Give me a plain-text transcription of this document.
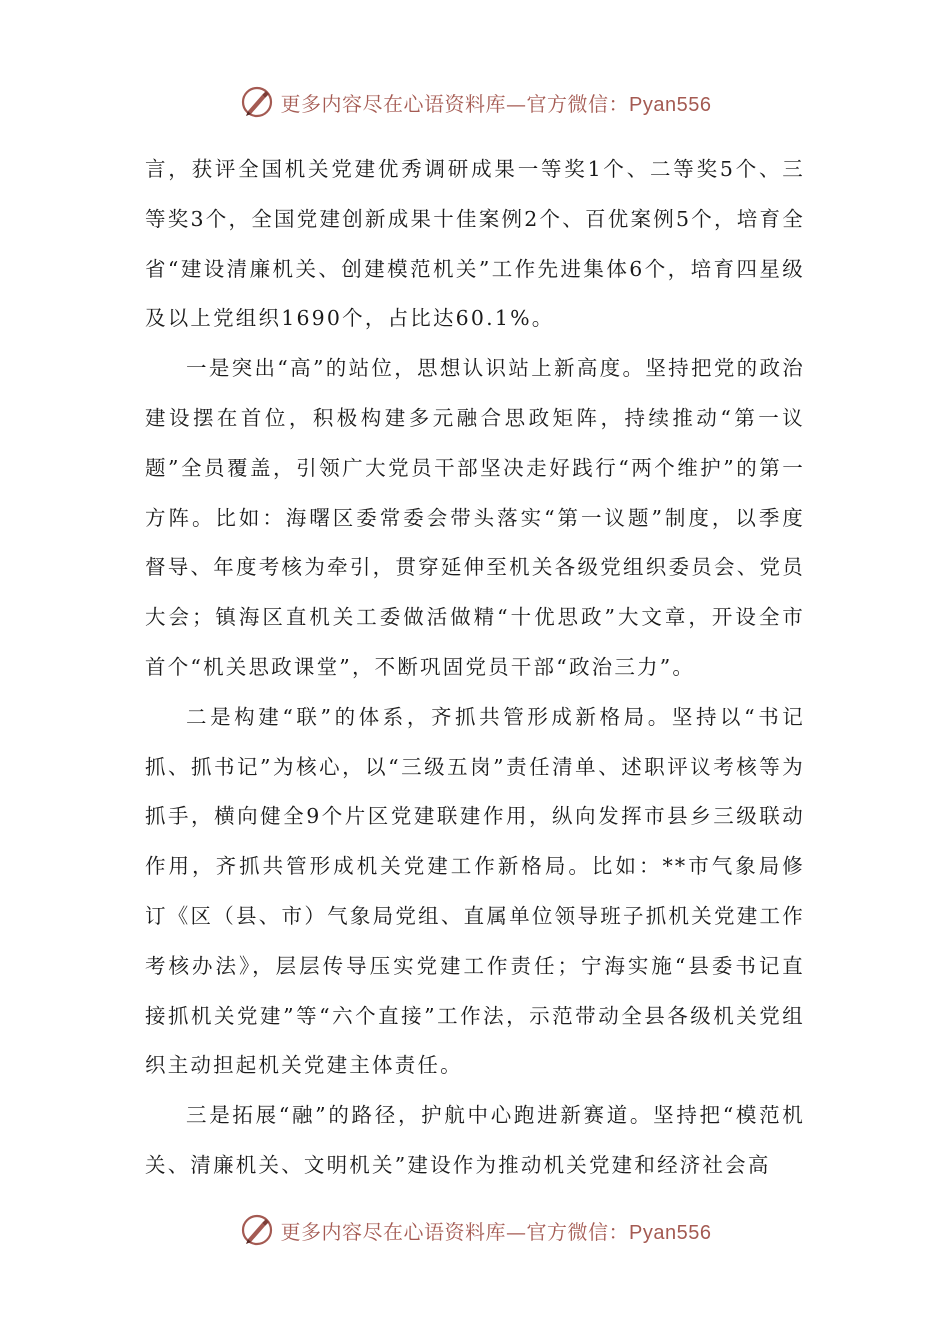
更多内容尽在心语资料库—官方微信：Pyan556

言，获评全国机关党建优秀调研成果一等奖1个、二等奖5个、三等奖3个，全国党建创新成果十佳案例2个、百优案例5个，培育全省“建设清廉机关、创建模范机关”工作先进集体6个，培育四星级及以上党组织1690个，占比达60.1%。

一是突出“高”的站位，思想认识站上新高度。坚持把党的政治建设摆在首位，积极构建多元融合思政矩阵，持续推动“第一议题”全员覆盖，引领广大党员干部坚决走好践行“两个维护”的第一方阵。比如：海曙区委常委会带头落实“第一议题”制度，以季度督导、年度考核为牵引，贯穿延伸至机关各级党组织委员会、党员大会；镇海区直机关工委做活做精“十优思政”大文章，开设全市首个“机关思政课堂”，不断巩固党员干部“政治三力”。

二是构建“联”的体系，齐抓共管形成新格局。坚持以“书记抓、抓书记”为核心，以“三级五岗”责任清单、述职评议考核等为抓手，横向健全9个片区党建联建作用，纵向发挥市县乡三级联动作用，齐抓共管形成机关党建工作新格局。比如：**市气象局修订《区（县、市）气象局党组、直属单位领导班子抓机关党建工作考核办法》，层层传导压实党建工作责任；宁海实施“县委书记直接抓机关党建”等“六个直接”工作法，示范带动全县各级机关党组织主动担起机关党建主体责任。

三是拓展“融”的路径，护航中心跑进新赛道。坚持把“模范机关、清廉机关、文明机关”建设作为推动机关党建和经济社会高

更多内容尽在心语资料库—官方微信：Pyan556
